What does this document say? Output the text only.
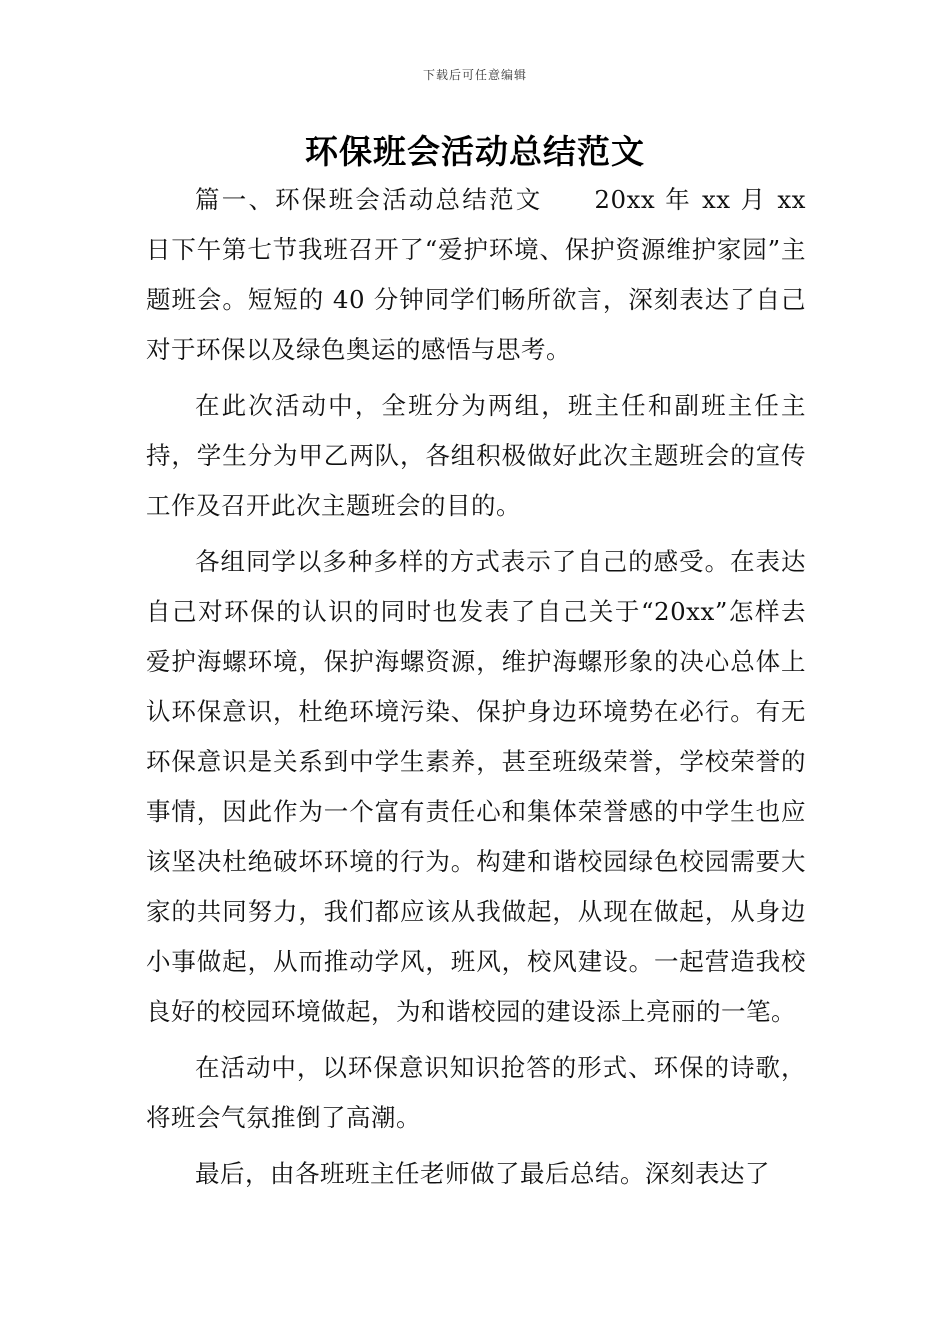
下载后可任意编辑
环保班会活动总结范文

篇一、环保班会活动总结范文 20xx 年 xx 月 xx 日下午第七节我班召开了“爱护环境、保护资源维护家园”主题班会。短短的 40 分钟同学们畅所欲言，深刻表达了自己对于环保以及绿色奥运的感悟与思考。

在此次活动中，全班分为两组，班主任和副班主任主持，学生分为甲乙两队，各组积极做好此次主题班会的宣传工作及召开此次主题班会的目的。

各组同学以多种多样的方式表示了自己的感受。在表达自己对环保的认识的同时也发表了自己关于“20xx”怎样去爱护海螺环境，保护海螺资源，维护海螺形象的决心总体上认环保意识，杜绝环境污染、保护身边环境势在必行。有无环保意识是关系到中学生素养，甚至班级荣誉，学校荣誉的事情，因此作为一个富有责任心和集体荣誉感的中学生也应该坚决杜绝破坏环境的行为。构建和谐校园绿色校园需要大家的共同努力，我们都应该从我做起，从现在做起，从身边小事做起，从而推动学风，班风，校风建设。一起营造我校良好的校园环境做起，为和谐校园的建设添上亮丽的一笔。

在活动中，以环保意识知识抢答的形式、环保的诗歌，将班会气氛推倒了高潮。

最后，由各班班主任老师做了最后总结。深刻表达了
